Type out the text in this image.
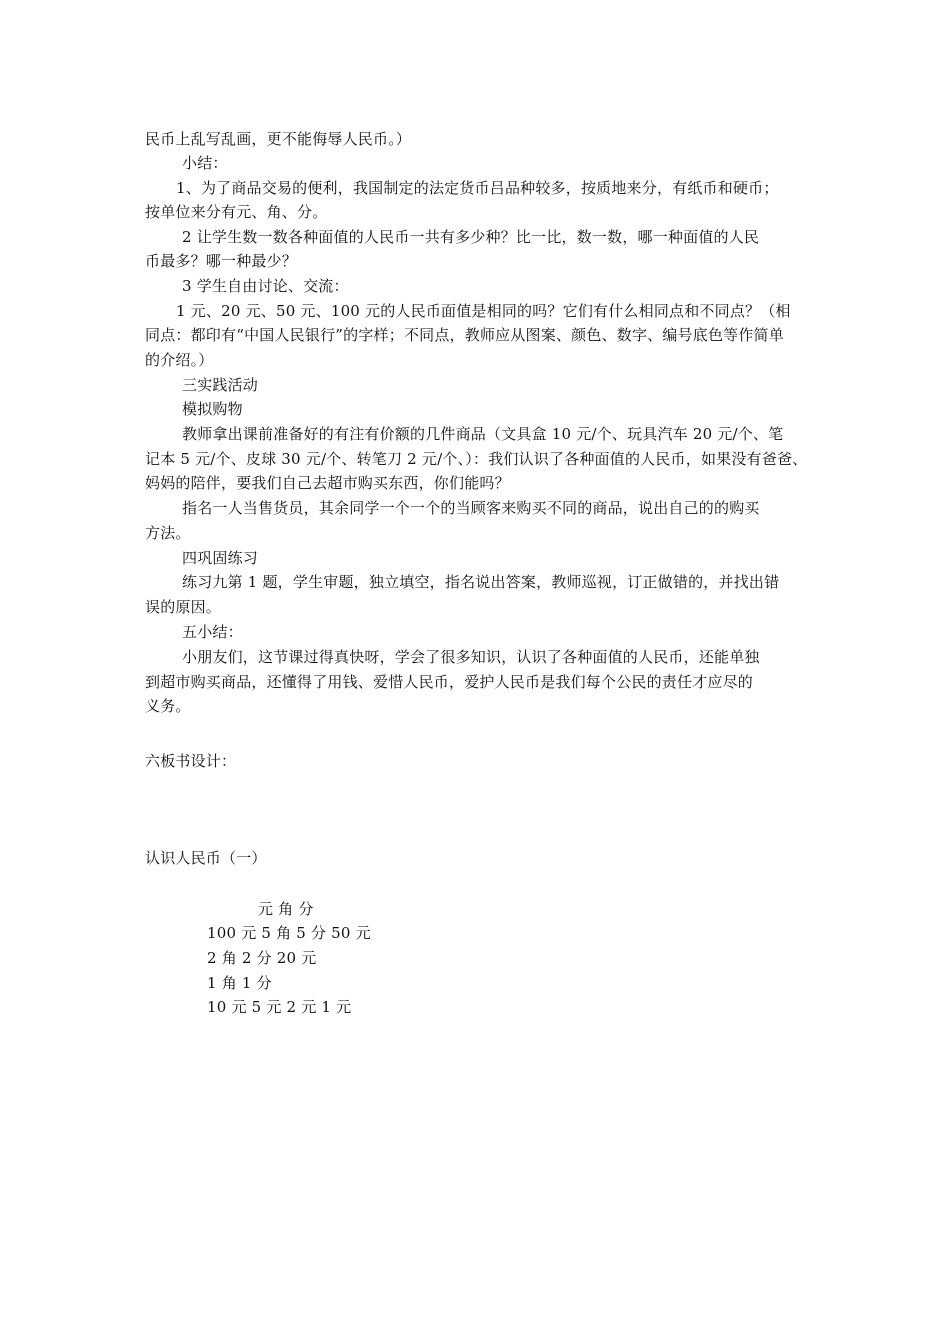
民币上乱写乱画，更不能侮辱人民币。）
小结：
1、为了商品交易的便利，我国制定的法定货币吕品种较多，按质地来分，有纸币和硬币；
按单位来分有元、角、分。
2 让学生数一数各种面值的人民币一共有多少种？比一比，数一数，哪一种面值的人民
币最多？哪一种最少？
3 学生自由讨论、交流：
1 元、20 元、50 元、100 元的人民币面值是相同的吗？它们有什么相同点和不同点？（相
同点：都印有“中国人民银行”的字样；不同点，教师应从图案、颜色、数字、编号底色等作简单
的介绍。）
三实践活动
模拟购物
教师拿出课前准备好的有注有价额的几件商品（文具盒 10 元/个、玩具汽车 20 元/个、笔
记本 5 元/个、皮球 30 元/个、转笔刀 2 元/个、）：我们认识了各种面值的人民币，如果没有爸爸、
妈妈的陪伴，要我们自己去超市购买东西，你们能吗？
指名一人当售货员，其余同学一个一个的当顾客来购买不同的商品，说出自己的的购买
方法。
四巩固练习
练习九第 1 题，学生审题，独立填空，指名说出答案，教师巡视，订正做错的，并找出错
误的原因。
五小结：
小朋友们，这节课过得真快呀，学会了很多知识，认识了各种面值的人民币，还能单独
到超市购买商品，还懂得了用钱、爱惜人民币，爱护人民币是我们每个公民的责任才应尽的
义务。
六板书设计：
认识人民币（一）
元 角 分
100 元 5 角 5 分 50 元
2 角 2 分 20 元
1 角 1 分
10 元 5 元 2 元 1 元
